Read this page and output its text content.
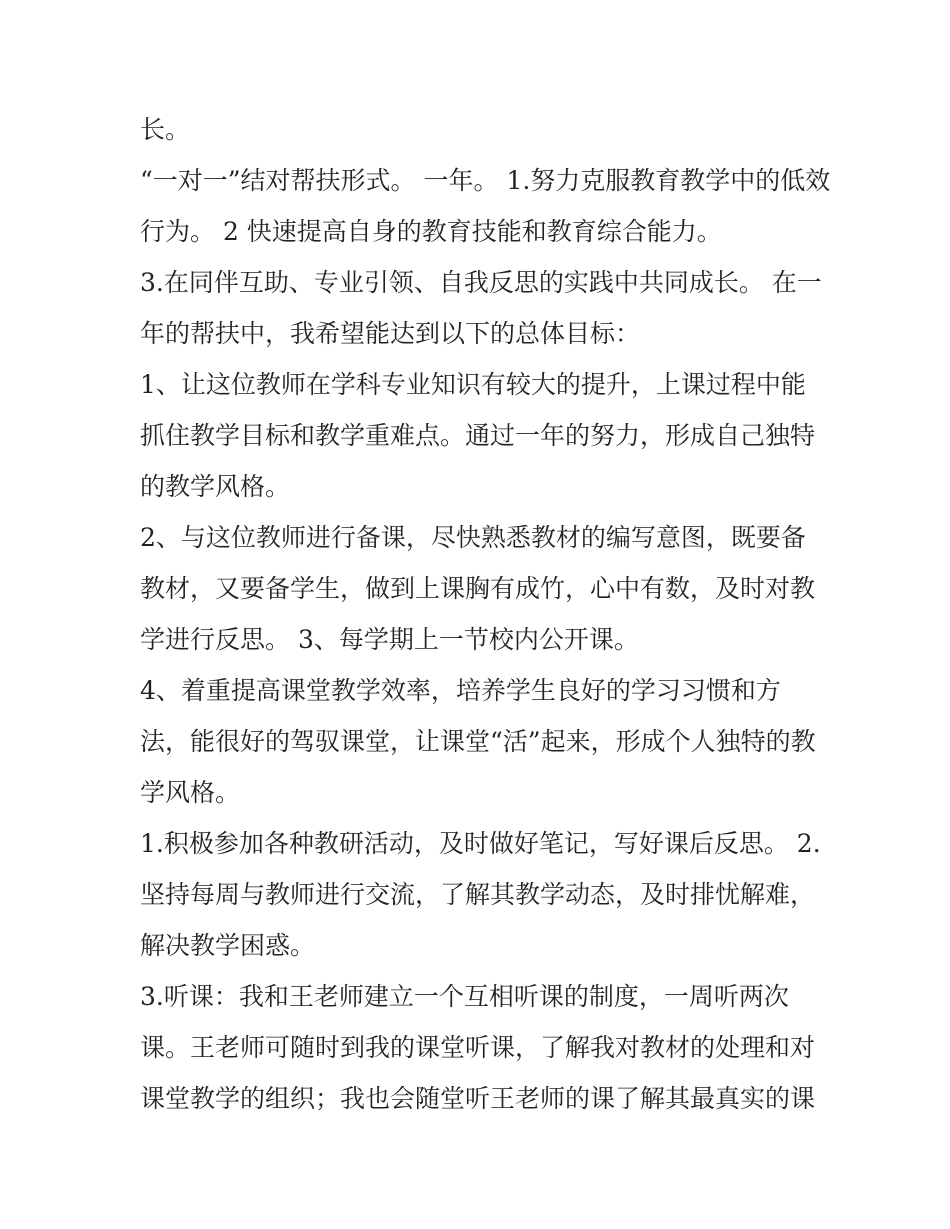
长。
“一对一”结对帮扶形式。 一年。 1.努力克服教育教学中的低效
行为。 2 快速提高自身的教育技能和教育综合能力。
3.在同伴互助、专业引领、自我反思的实践中共同成长。 在一
年的帮扶中，我希望能达到以下的总体目标：
1、让这位教师在学科专业知识有较大的提升，上课过程中能
抓住教学目标和教学重难点。通过一年的努力，形成自己独特
的教学风格。
2、与这位教师进行备课，尽快熟悉教材的编写意图，既要备
教材，又要备学生，做到上课胸有成竹，心中有数，及时对教
学进行反思。 3、每学期上一节校内公开课。
4、着重提高课堂教学效率，培养学生良好的学习习惯和方
法，能很好的驾驭课堂，让课堂“活”起来，形成个人独特的教
学风格。
1.积极参加各种教研活动，及时做好笔记，写好课后反思。 2.
坚持每周与教师进行交流，了解其教学动态，及时排忧解难，
解决教学困惑。
3.听课：我和王老师建立一个互相听课的制度，一周听两次
课。王老师可随时到我的课堂听课，了解我对教材的处理和对
课堂教学的组织；我也会随堂听王老师的课了解其最真实的课
